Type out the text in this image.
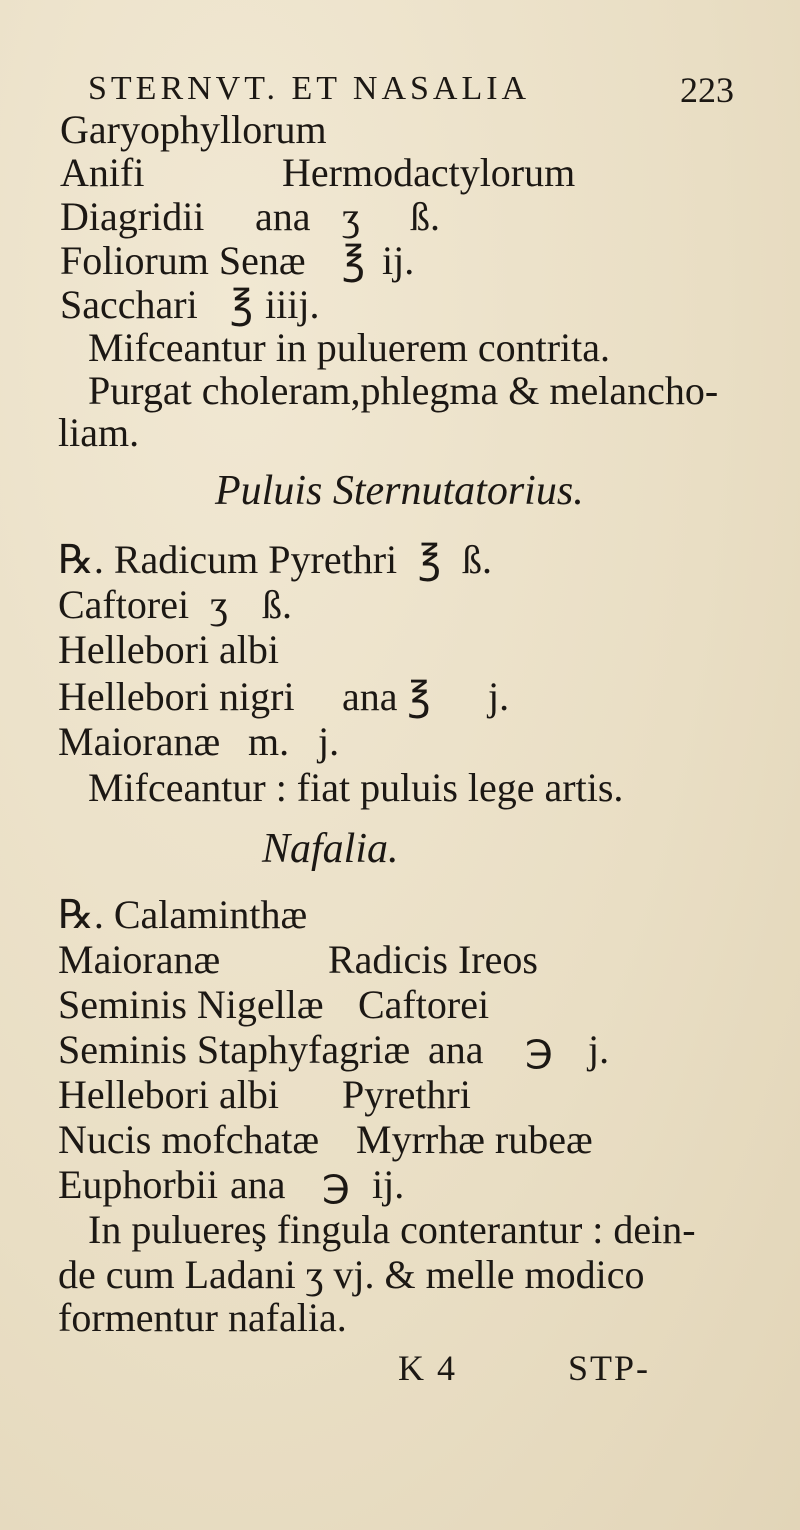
STERNVT. ET NASALIA	223
Garyophyllorum
Anifi	Hermodactylorum
Diagridii ana ʒ ß.
Foliorum Senæ ℥ ij.
Sacchari ℥ iiij.
Mifceantur in puluerem contrita.
Purgat choleram,phlegma & melancho-
liam.
Puluis Sternutatorius.
℞. Radicum Pyrethri ℥ ß.
Caftorei ʒ ß.
Hellebori albi
Hellebori nigri ana ℥ j.
Maioranæ m. j.
Mifceantur : fiat puluis lege artis.
Nafalia.
℞. Calaminthæ
Maioranæ	Radicis Ireos
Seminis Nigellæ Caftorei
Seminis Staphyfagriæ ana ℈ j.
Hellebori albi Pyrethri
Nucis mofchatæ Myrrhæ rubeæ
Euphorbii ana ℈ ij.
In puluereş fingula conterantur : dein-
de cum Ladani ʒ vj. & melle modico
formentur nafalia.
K 4	STP-
